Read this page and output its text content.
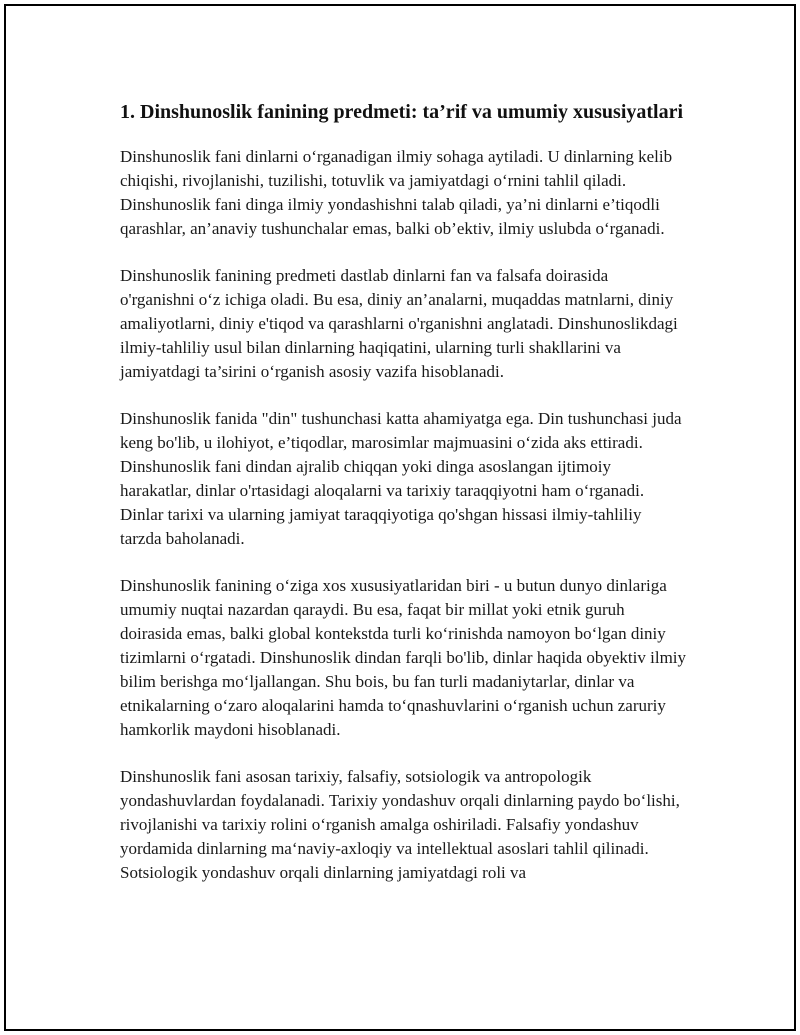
1. Dinshunoslik fanining predmeti: ta’rif va umumiy xususiyatlari

Dinshunoslik fani dinlarni o‘rganadigan ilmiy sohaga aytiladi. U dinlarning kelib chiqishi, rivojlanishi, tuzilishi, totuvlik va jamiyatdagi o‘rnini tahlil qiladi. Dinshunoslik fani dinga ilmiy yondashishni talab qiladi, ya’ni dinlarni e’tiqodli qarashlar, an’anaviy tushunchalar emas, balki ob’ektiv, ilmiy uslubda o‘rganadi.

Dinshunoslik fanining predmeti dastlab dinlarni fan va falsafa doirasida o'rganishni o‘z ichiga oladi. Bu esa, diniy an’analarni, muqaddas matnlarni, diniy amaliyotlarni, diniy e'tiqod va qarashlarni o'rganishni anglatadi. Dinshunoslikdagi ilmiy-tahliliy usul bilan dinlarning haqiqatini, ularning turli shakllarini va jamiyatdagi ta’sirini o‘rganish asosiy vazifa hisoblanadi.

Dinshunoslik fanida "din" tushunchasi katta ahamiyatga ega. Din tushunchasi juda keng bo'lib, u ilohiyot, e’tiqodlar, marosimlar majmuasini o‘zida aks ettiradi. Dinshunoslik fani dindan ajralib chiqqan yoki dinga asoslangan ijtimoiy harakatlar, dinlar o'rtasidagi aloqalarni va tarixiy taraqqiyotni ham o‘rganadi. Dinlar tarixi va ularning jamiyat taraqqiyotiga qo'shgan hissasi ilmiy-tahliliy tarzda baholanadi.

Dinshunoslik fanining o‘ziga xos xususiyatlaridan biri - u butun dunyo dinlariga umumiy nuqtai nazardan qaraydi. Bu esa, faqat bir millat yoki etnik guruh doirasida emas, balki global kontekstda turli ko‘rinishda namoyon bo‘lgan diniy tizimlarni o‘rgatadi. Dinshunoslik dindan farqli bo'lib, dinlar haqida obyektiv ilmiy bilim berishga mo‘ljallangan. Shu bois, bu fan turli madaniytarlar, dinlar va etnikalarning o‘zaro aloqalarini hamda to‘qnashuvlarini o‘rganish uchun zaruriy hamkorlik maydoni hisoblanadi.

Dinshunoslik fani asosan tarixiy, falsafiy, sotsiologik va antropologik yondashuvlardan foydalanadi. Tarixiy yondashuv orqali dinlarning paydo bo‘lishi, rivojlanishi va tarixiy rolini o‘rganish amalga oshiriladi. Falsafiy yondashuv yordamida dinlarning ma‘naviy-axloqiy va intellektual asoslari tahlil qilinadi. Sotsiologik yondashuv orqali dinlarning jamiyatdagi roli va
